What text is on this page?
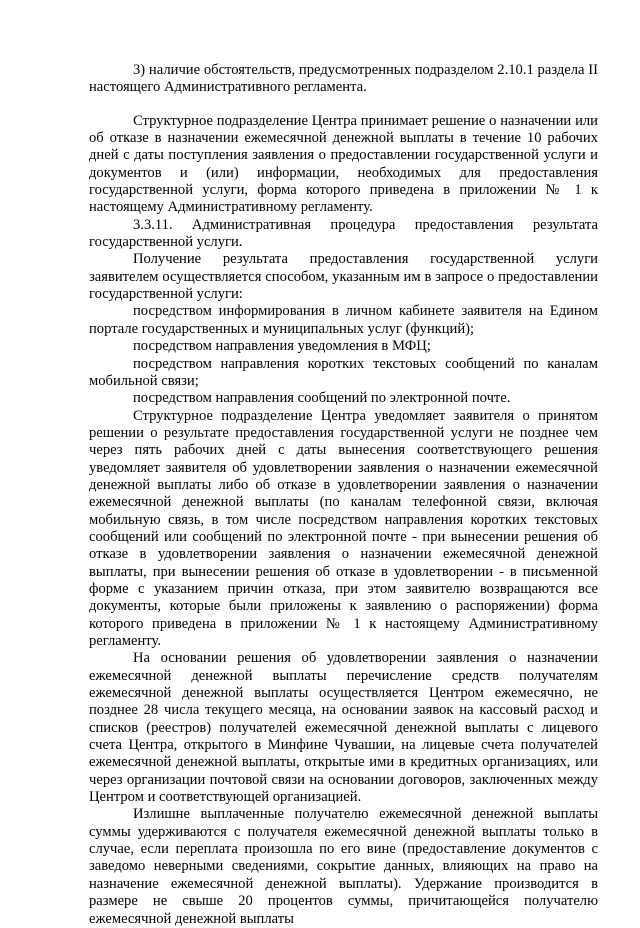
3) наличие обстоятельств, предусмотренных подразделом 2.10.1 раздела II настоящего Административного регламента.

Структурное подразделение Центра принимает решение о назначении или об отказе в назначении ежемесячной денежной выплаты в течение 10 рабочих дней с даты поступления заявления о предоставлении государственной услуги и документов и (или) информации, необходимых для предоставления государственной услуги, форма которого приведена в приложении № 1 к настоящему Административному регламенту.

3.3.11. Административная процедура предоставления результата государственной услуги.

Получение результата предоставления государственной услуги заявителем осуществляется способом, указанным им в запросе о предоставлении государственной услуги:

посредством информирования в личном кабинете заявителя на Едином портале государственных и муниципальных услуг (функций);

посредством направления уведомления в МФЦ;

посредством направления коротких текстовых сообщений по каналам мобильной связи;

посредством направления сообщений по электронной почте.

Структурное подразделение Центра уведомляет заявителя о принятом решении о результате предоставления государственной услуги не позднее чем через пять рабочих дней с даты вынесения соответствующего решения уведомляет заявителя об удовлетворении заявления о назначении ежемесячной денежной выплаты либо об отказе в удовлетворении заявления о назначении ежемесячной денежной выплаты (по каналам телефонной связи, включая мобильную связь, в том числе посредством направления коротких текстовых сообщений или сообщений по электронной почте - при вынесении решения об отказе в удовлетворении заявления о назначении ежемесячной денежной выплаты, при вынесении решения об отказе в удовлетворении - в письменной форме с указанием причин отказа, при этом заявителю возвращаются все документы, которые были приложены к заявлению о распоряжении) форма которого приведена в приложении № 1 к настоящему Административному регламенту.

На основании решения об удовлетворении заявления о назначении ежемесячной денежной выплаты перечисление средств получателям ежемесячной денежной выплаты осуществляется Центром ежемесячно, не позднее 28 числа текущего месяца, на основании заявок на кассовый расход и списков (реестров) получателей ежемесячной денежной выплаты с лицевого счета Центра, открытого в Минфине Чувашии, на лицевые счета получателей ежемесячной денежной выплаты, открытые ими в кредитных организациях, или через организации почтовой связи на основании договоров, заключенных между Центром и соответствующей организацией.

Излишне выплаченные получателю ежемесячной денежной выплаты суммы удерживаются с получателя ежемесячной денежной выплаты только в случае, если переплата произошла по его вине (предоставление документов с заведомо неверными сведениями, сокрытие данных, влияющих на право на назначение ежемесячной денежной выплаты). Удержание производится в размере не свыше 20 процентов суммы, причитающейся получателю ежемесячной денежной выплаты
